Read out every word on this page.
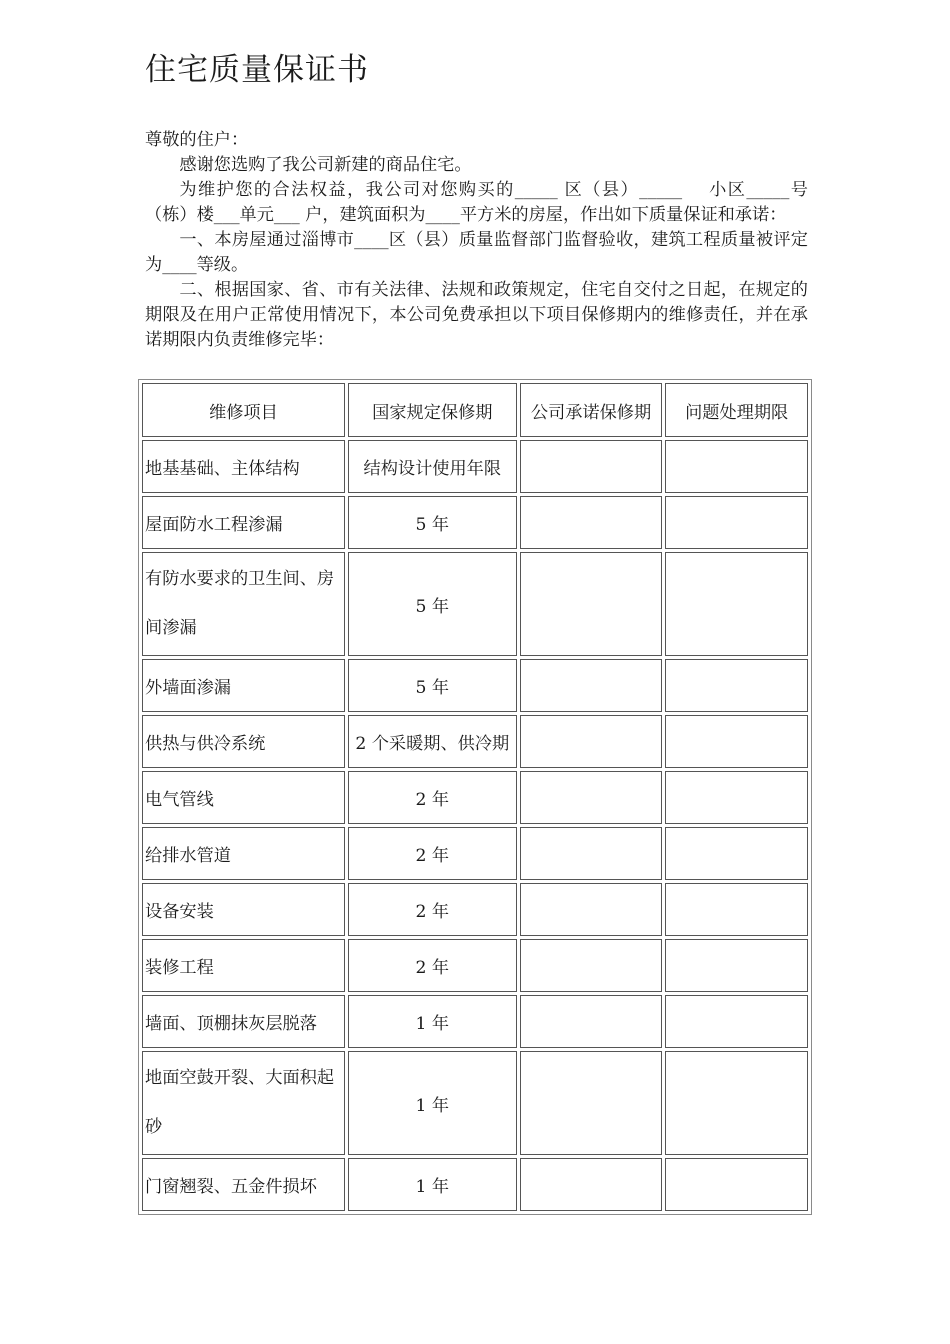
住宅质量保证书

尊敬的住户：

感谢您选购了我公司新建的商品住宅。

为维护您的合法权益，我公司对您购买的_____ 区（县）_____　 小区_____号（栋）楼___单元___ 户，建筑面积为____平方米的房屋，作出如下质量保证和承诺：

一、本房屋通过淄博市____区（县）质量监督部门监督验收，建筑工程质量被评定为____等级。

二、根据国家、省、市有关法律、法规和政策规定，住宅自交付之日起，在规定的期限及在用户正常使用情况下，本公司免费承担以下项目保修期内的维修责任，并在承诺期限内负责维修完毕：

维修项目	国家规定保修期	公司承诺保修期	问题处理期限
地基基础、主体结构	结构设计使用年限		
屋面防水工程渗漏	5 年		
有防水要求的卫生间、房间渗漏	5 年		
外墙面渗漏	5 年		
供热与供冷系统	2 个采暖期、供冷期		
电气管线	2 年		
给排水管道	2 年		
设备安装	2 年		
装修工程	2 年		
墙面、顶棚抹灰层脱落	1 年		
地面空鼓开裂、大面积起砂	1 年		
门窗翘裂、五金件损坏	1 年		
